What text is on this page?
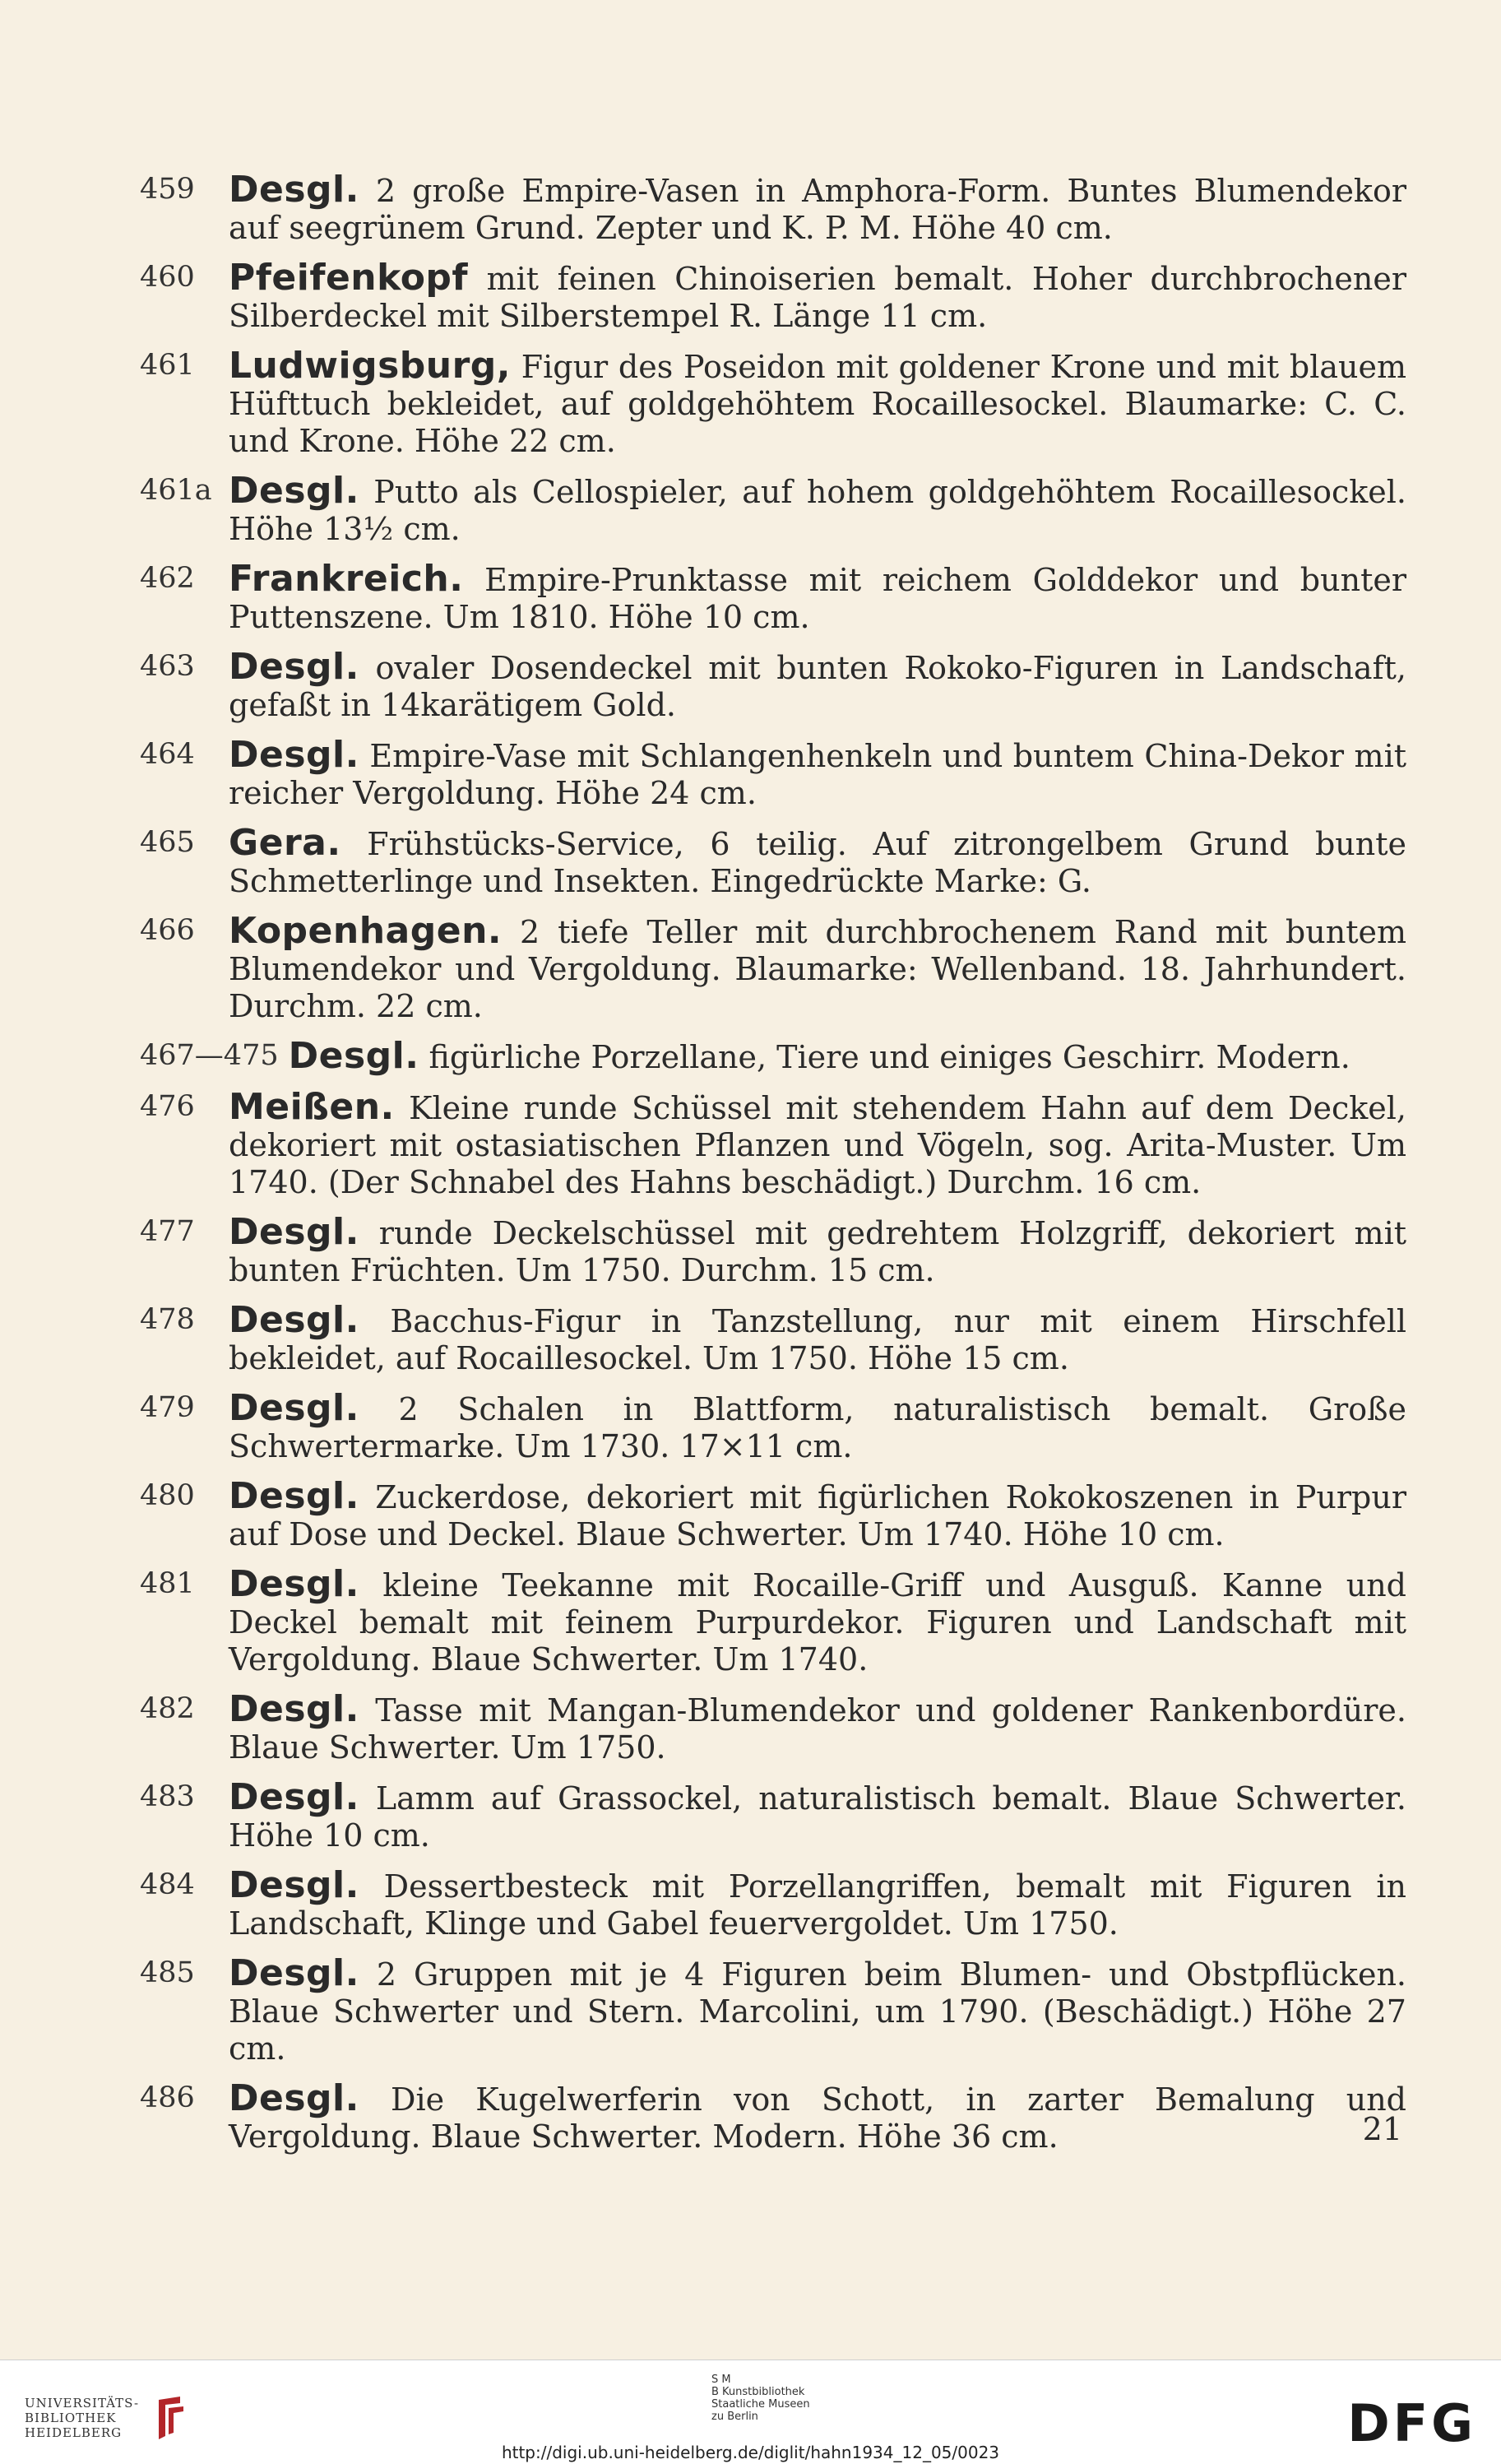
459 Desgl. 2 große Empire-Vasen in Amphora-Form. Buntes Blumendekor auf seegrünem Grund. Zepter und K. P. M. Höhe 40 cm.
460 Pfeifenkopf mit feinen Chinoiserien bemalt. Hoher durchbrochener Silberdeckel mit Silberstempel R. Länge 11 cm.
461 Ludwigsburg, Figur des Poseidon mit goldener Krone und mit blauem Hüfttuch bekleidet, auf goldgehöhtem Rocaillesockel. Blaumarke: C. C. und Krone. Höhe 22 cm.
461a Desgl. Putto als Cellospieler, auf hohem goldgehöhtem Rocaillesockel. Höhe 13½ cm.
462 Frankreich. Empire-Prunktasse mit reichem Golddekor und bunter Puttenszene. Um 1810. Höhe 10 cm.
463 Desgl. ovaler Dosendeckel mit bunten Rokoko-Figuren in Landschaft, gefaßt in 14karätigem Gold.
464 Desgl. Empire-Vase mit Schlangenhenkeln und buntem China-Dekor mit reicher Vergoldung. Höhe 24 cm.
465 Gera. Frühstücks-Service, 6 teilig. Auf zitrongelbem Grund bunte Schmetterlinge und Insekten. Eingedrückte Marke: G.
466 Kopenhagen. 2 tiefe Teller mit durchbrochenem Rand mit buntem Blumendekor und Vergoldung. Blaumarke: Wellenband. 18. Jahrhundert. Durchm. 22 cm.
467—475 Desgl. figürliche Porzellane, Tiere und einiges Geschirr. Modern.
476 Meißen. Kleine runde Schüssel mit stehendem Hahn auf dem Deckel, dekoriert mit ostasiatischen Pflanzen und Vögeln, sog. Arita-Muster. Um 1740. (Der Schnabel des Hahns beschädigt.) Durchm. 16 cm.
477 Desgl. runde Deckelschüssel mit gedrehtem Holzgriff, dekoriert mit bunten Früchten. Um 1750. Durchm. 15 cm.
478 Desgl. Bacchus-Figur in Tanzstellung, nur mit einem Hirschfell bekleidet, auf Rocaillesockel. Um 1750. Höhe 15 cm.
479 Desgl. 2 Schalen in Blattform, naturalistisch bemalt. Große Schwertermarke. Um 1730. 17×11 cm.
480 Desgl. Zuckerdose, dekoriert mit figürlichen Rokokoszenen in Purpur auf Dose und Deckel. Blaue Schwerter. Um 1740. Höhe 10 cm.
481 Desgl. kleine Teekanne mit Rocaille-Griff und Ausguß. Kanne und Deckel bemalt mit feinem Purpurdekor. Figuren und Landschaft mit Vergoldung. Blaue Schwerter. Um 1740.
482 Desgl. Tasse mit Mangan-Blumendekor und goldener Rankenbordüre. Blaue Schwerter. Um 1750.
483 Desgl. Lamm auf Grassockel, naturalistisch bemalt. Blaue Schwerter. Höhe 10 cm.
484 Desgl. Dessertbesteck mit Porzellangriffen, bemalt mit Figuren in Landschaft, Klinge und Gabel feuervergoldet. Um 1750.
485 Desgl. 2 Gruppen mit je 4 Figuren beim Blumen- und Obstpflücken. Blaue Schwerter und Stern. Marcolini, um 1790. (Beschädigt.) Höhe 27 cm.
486 Desgl. Die Kugelwerferin von Schott, in zarter Bemalung und Vergoldung. Blaue Schwerter. Modern. Höhe 36 cm.	21
UNIVERSITÄTS-
BIBLIOTHEK
HEIDELBERG
S M
B Kunstbibliothek
Staatliche Museen
zu Berlin	DFG
http://digi.ub.uni-heidelberg.de/diglit/hahn1934_12_05/0023
